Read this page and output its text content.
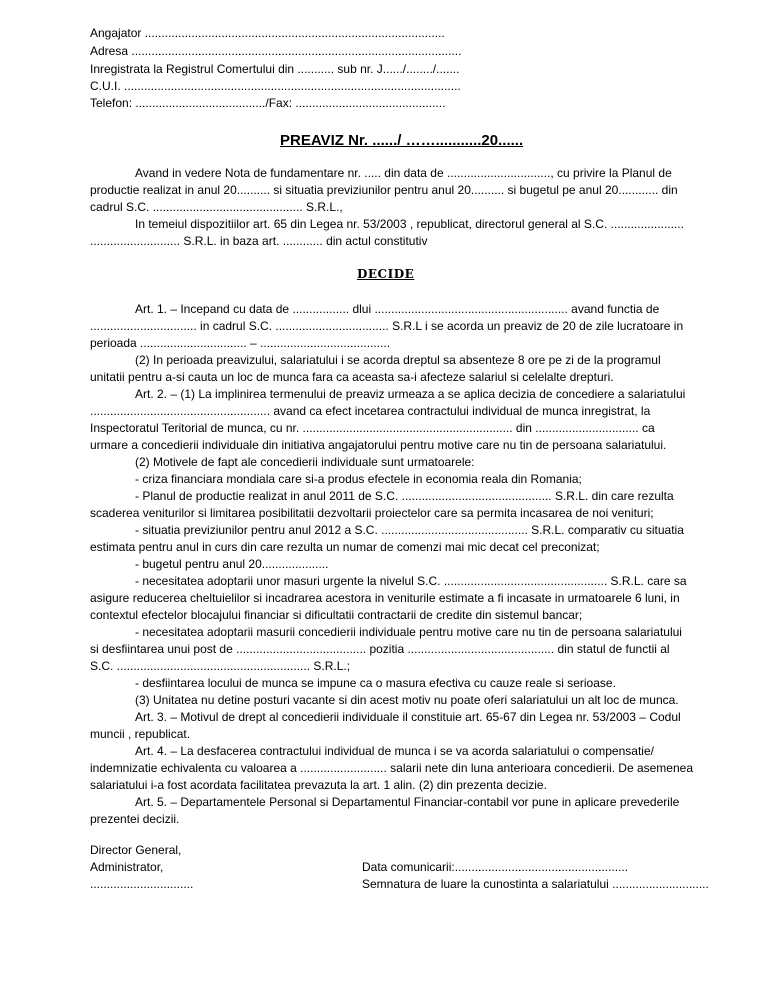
Angajator ..........................................................................................
Adresa ...................................................................................................
Inregistrata la Registrul Comertului din ........... sub nr. J....../......../.......
C.U.I. .....................................................................................................
Telefon: ......................................./Fax: .............................................
PREAVIZ Nr. ....../ ……...........20......
Avand in vedere Nota de fundamentare nr. ..... din data de ..............................., cu privire la Planul de
productie realizat in anul 20.......... si situatia previziunilor pentru anul 20.......... si bugetul pe anul 20............ din
cadrul S.C. ............................................. S.R.L.,
In temeiul dispozitiilor art. 65 din Legea nr. 53/2003 , republicat, directorul general al S.C. ......................
........................... S.R.L. in baza art. ............ din actul constitutiv
DECIDE
Art. 1. – Incepand cu data de ................. dlui .......................................................... avand functia de
................................ in cadrul S.C. .................................. S.R.L i se acorda un preaviz de 20 de zile lucratoare in
perioada ................................ – .......................................
(2) In perioada preavizului, salariatului i se acorda dreptul sa absenteze 8 ore pe zi de la programul
unitatii pentru a-si cauta un loc de munca fara ca aceasta sa-i afecteze salariul si celelalte drepturi.
Art. 2. – (1) La implinirea termenului de preaviz urmeaza a se aplica decizia de concediere a salariatului
...................................................... avand ca efect incetarea contractului individual de munca inregistrat, la
Inspectoratul Teritorial de munca, cu nr. ............................................................... din ............................... ca
urmare a concedierii individuale din initiativa angajatorului pentru motive care nu tin de persoana salariatului.
(2) Motivele de fapt ale concedierii individuale sunt urmatoarele:
- criza financiara mondiala care si-a produs efectele in economia reala din Romania;
- Planul de productie realizat in anul 2011 de S.C. ............................................. S.R.L. din care rezulta
scaderea veniturilor si limitarea posibilitatii dezvoltarii proiectelor care sa permita incasarea de noi venituri;
- situatia previziunilor pentru anul 2012 a S.C. ............................................ S.R.L. comparativ cu situatia
estimata pentru anul in curs din care rezulta un numar de comenzi mai mic decat cel preconizat;
- bugetul pentru anul 20....................
- necesitatea adoptarii unor masuri urgente la nivelul S.C. ................................................. S.R.L. care sa
asigure reducerea cheltuielilor si incadrarea acestora in veniturile estimate a fi incasate in urmatoarele 6 luni, in
contextul efectelor blocajului financiar si dificultatii contractarii de credite din sistemul bancar;
- necesitatea adoptarii masurii concedierii individuale pentru motive care nu tin de persoana salariatului
si desfiintarea unui post de ....................................... pozitia ............................................ din statul de functii al
S.C. .......................................................... S.R.L.;
- desfiintarea locului de munca se impune ca o masura efectiva cu cauze reale si serioase.
(3) Unitatea nu detine posturi vacante si din acest motiv nu poate oferi salariatului un alt loc de munca.
Art. 3. – Motivul de drept al concedierii individuale il constituie art. 65-67 din Legea nr. 53/2003 – Codul
muncii , republicat.
Art. 4. – La desfacerea contractului individual de munca i se va acorda salariatului o compensatie/
indemnizatie echivalenta cu valoarea a .......................... salarii nete din luna anterioara concedierii. De asemenea
salariatului i-a fost acordata facilitatea prevazuta la art. 1 alin. (2) din prezenta decizie.
Art. 5. – Departamentele Personal si Departamentul Financiar-contabil vor pune in aplicare prevederile
prezentei decizii.
Director General,
Administrator,
...............................
Data comunicarii:....................................................
Semnatura de luare la cunostinta a salariatului .............................
